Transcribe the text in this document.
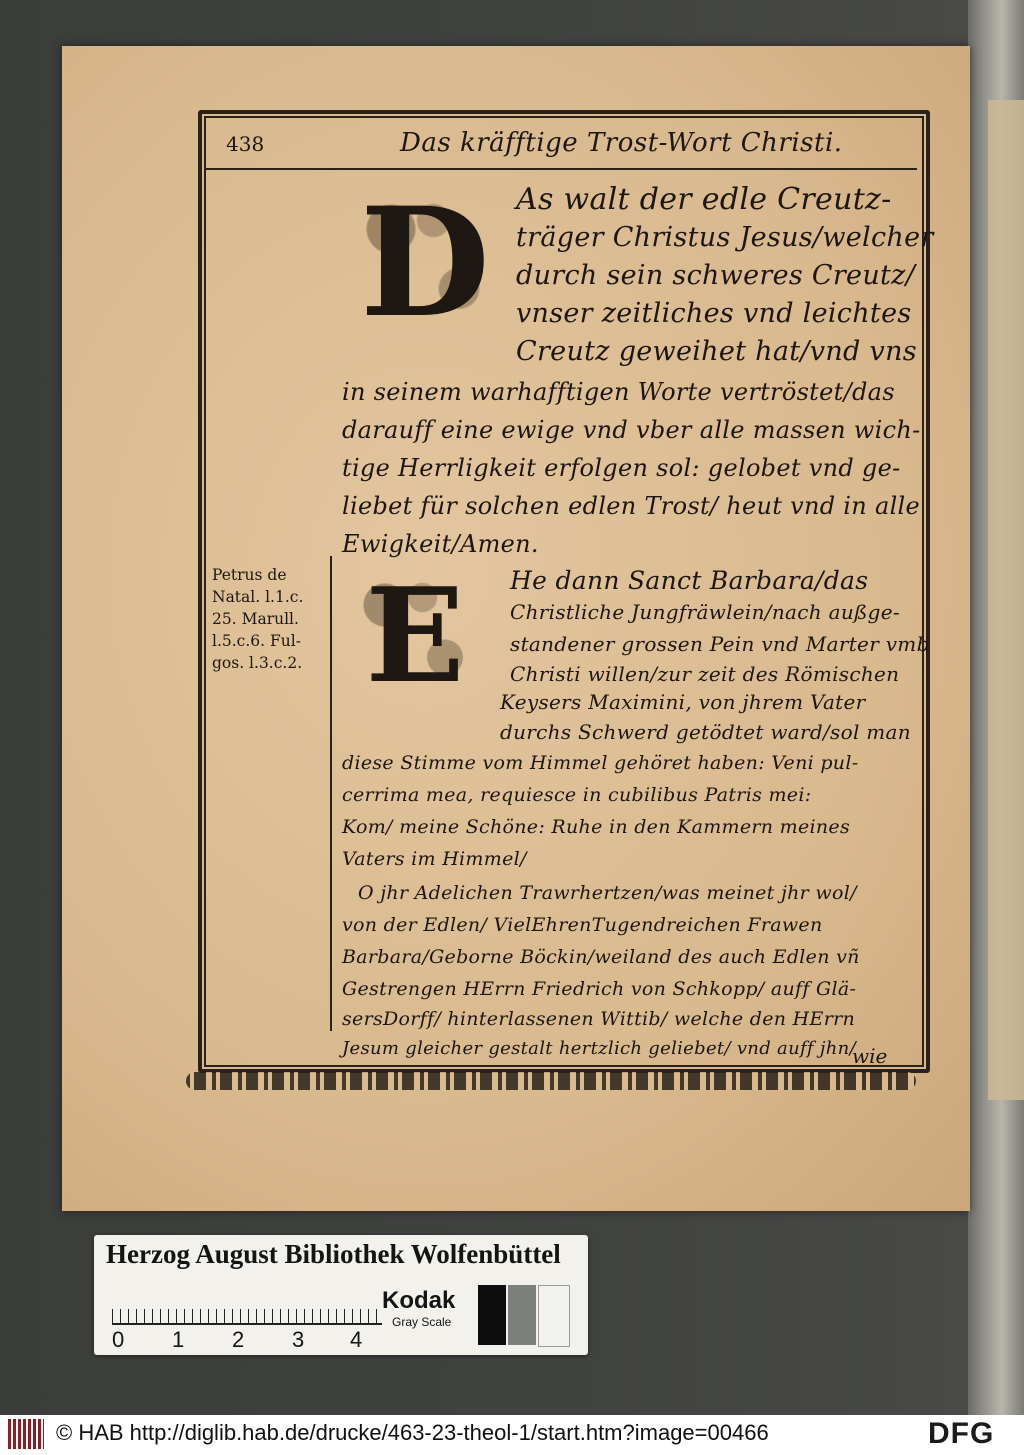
438	Das kräfftige Trost-Wort Christi.
D
E
As walt der edle Creutz-
träger Christus Jesus/welcher
durch sein schweres Creutz/
vnser zeitliches vnd leichtes
Creutz geweihet hat/vnd vns
in seinem warhafftigen Worte vertröstet/das
darauff eine ewige vnd vber alle massen wich-
tige Herrligkeit erfolgen sol: gelobet vnd ge-
liebet für solchen edlen Trost/ heut vnd in alle
Ewigkeit/Amen.
Petrus de
Natal. l.1.c.
25. Marull.
l.5.c.6. Ful-
gos. l.3.c.2.
He dann Sanct Barbara/das
Christliche Jungfräwlein/nach außge-
standener grossen Pein vnd Marter vmb
Christi willen/zur zeit des Römischen
Keysers Maximini, von jhrem Vater
durchs Schwerd getödtet ward/sol man
diese Stimme vom Himmel gehöret haben: Veni pul-
cerrima mea, requiesce in cubilibus Patris mei:
Kom/ meine Schöne: Ruhe in den Kammern meines
Vaters im Himmel/
O jhr Adelichen Trawrhertzen/was meinet jhr wol/
von der Edlen/ VielEhrenTugendreichen Frawen
Barbara/Geborne Böckin/weiland des auch Edlen vñ
Gestrengen HErrn Friedrich von Schkopp/ auff Glä-
sersDorff/ hinterlassenen Wittib/ welche den HErrn
Jesum gleicher gestalt hertzlich geliebet/ vnd auff jhn/
wie
Herzog August Bibliothek Wolfenbüttel
0 1 2 3 4
Kodak
Gray Scale
© HAB http://diglib.hab.de/drucke/463-23-theol-1/start.htm?image=00466	DFG
